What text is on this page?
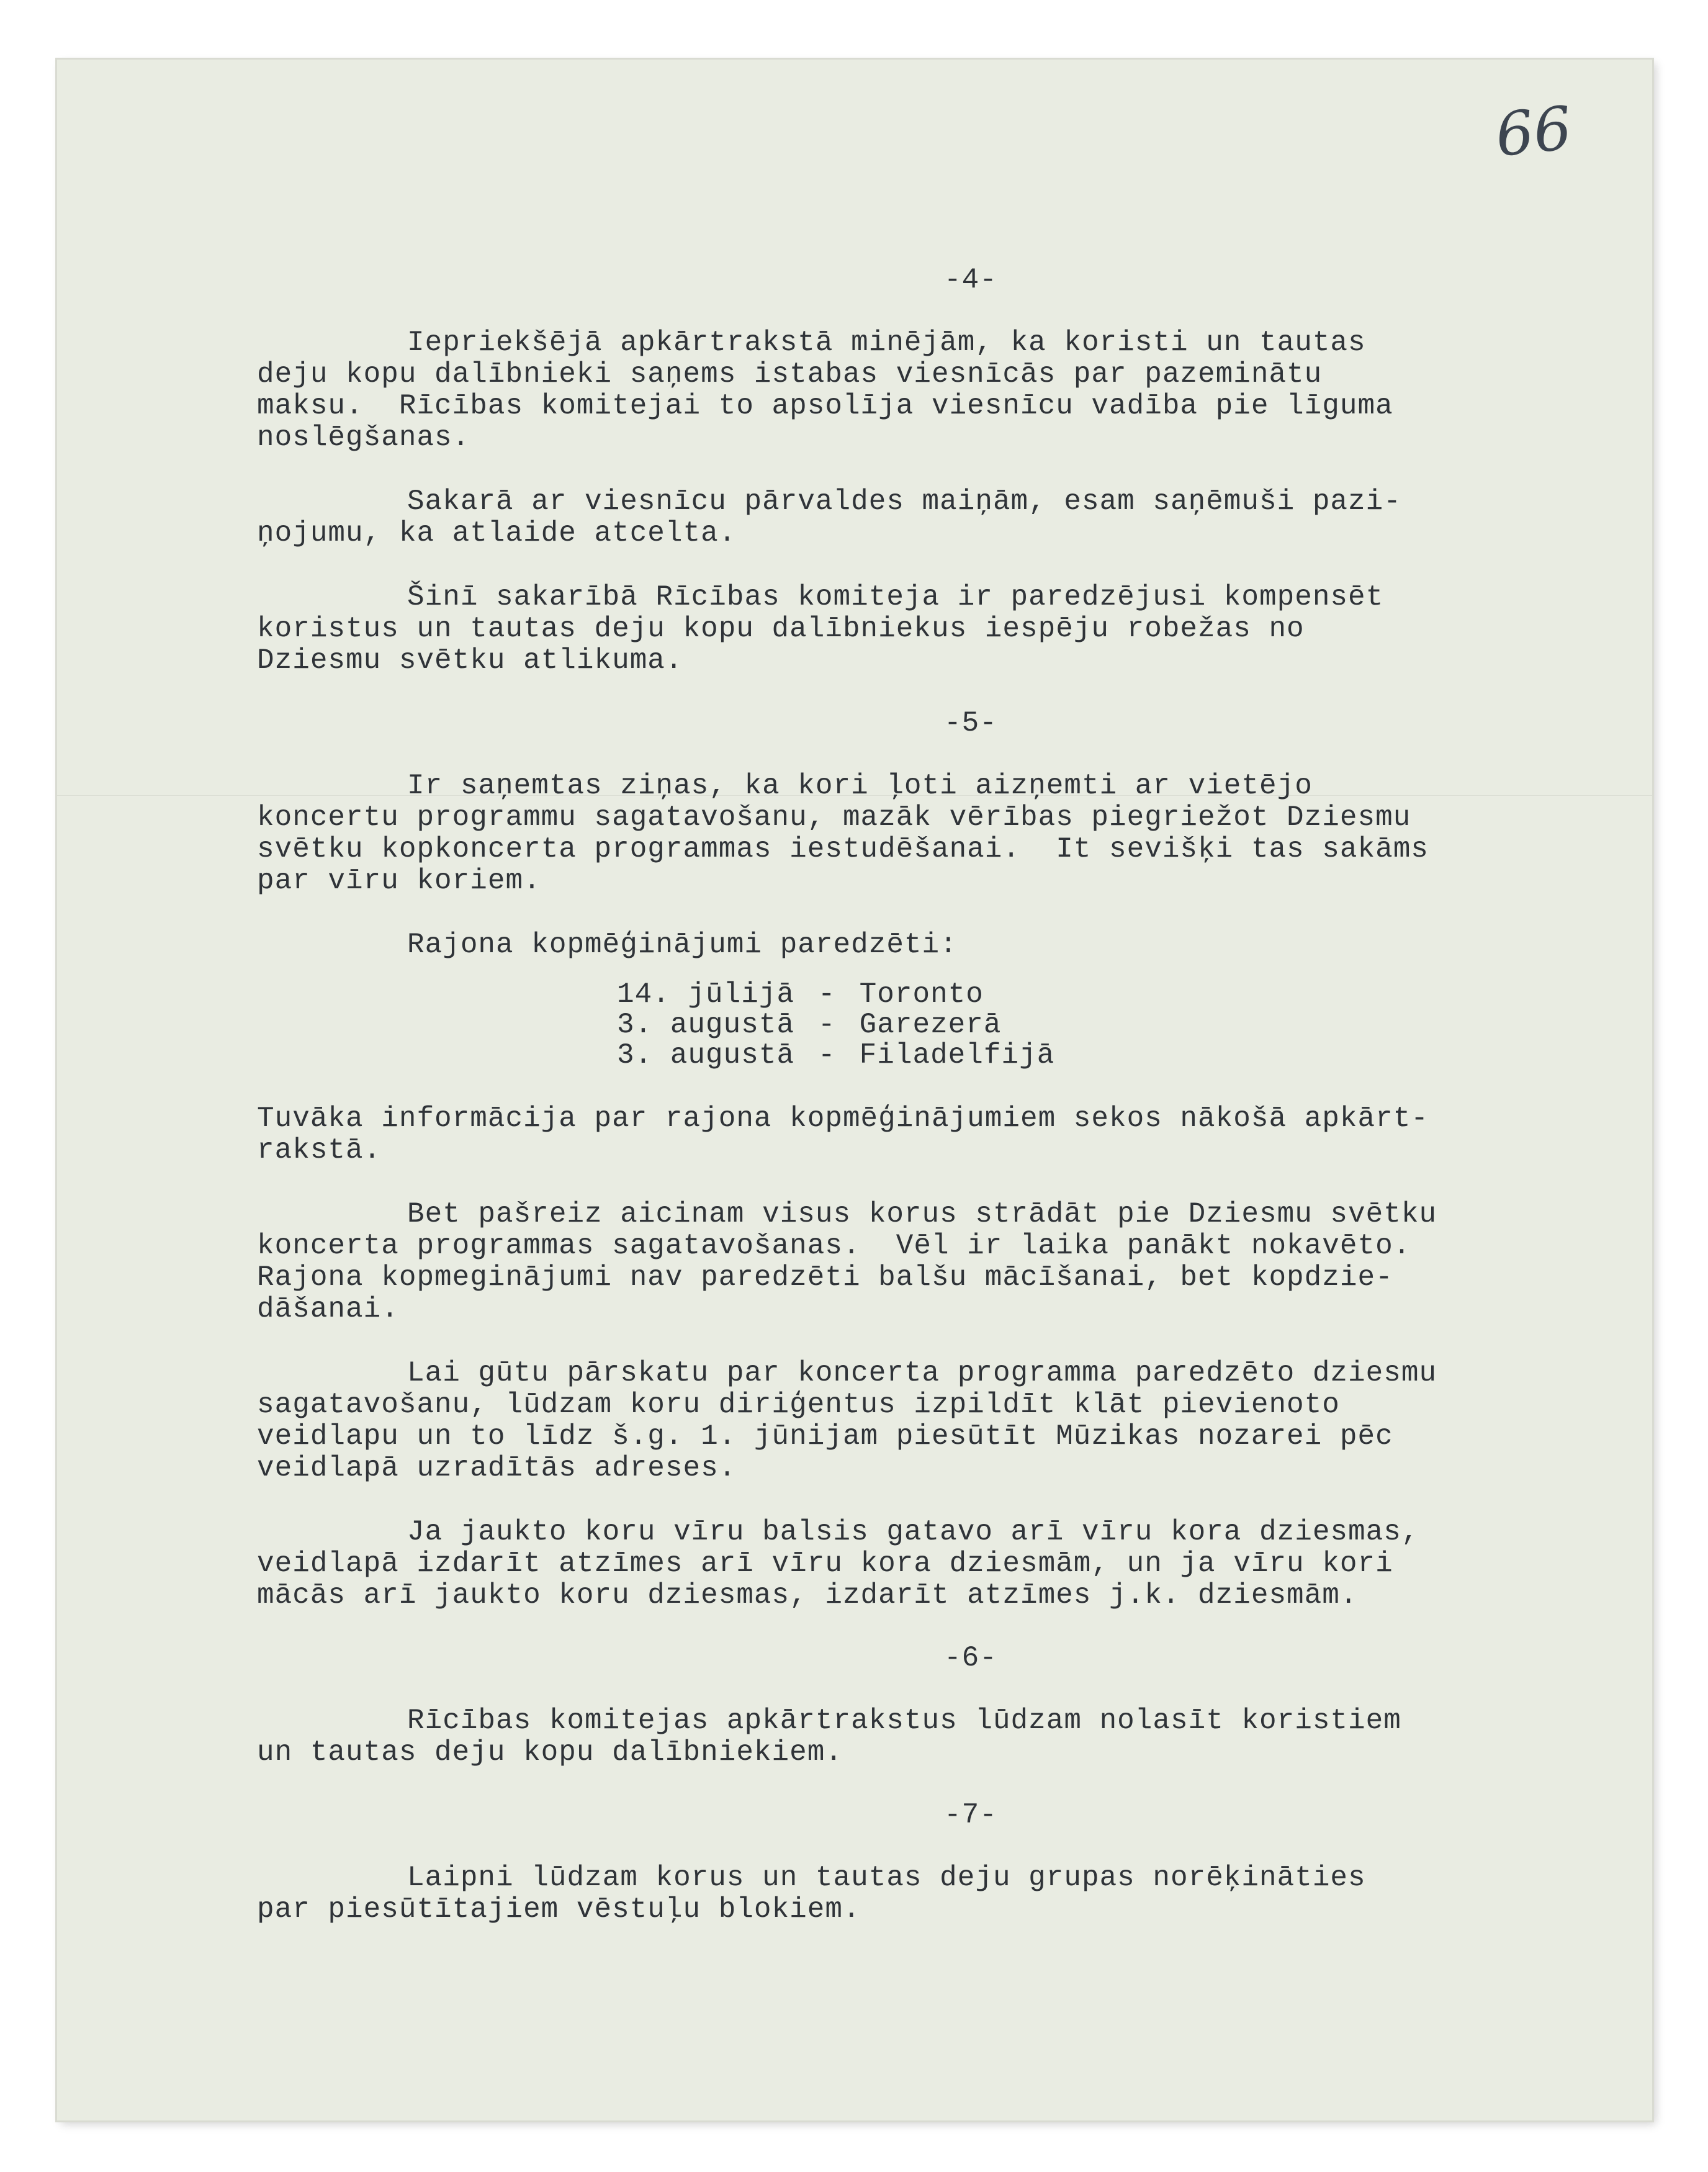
66

-4-

Iepriekšējā apkārtrakstā minējām, ka koristi un tautas
deju kopu dalībnieki saņems istabas viesnīcās par pazeminātu
maksu.  Rīcības komitejai to apsolīja viesnīcu vadība pie līguma
noslēgšanas.

Sakarā ar viesnīcu pārvaldes maiņām, esam saņēmuši pazi-
ņojumu, ka atlaide atcelta.

Šinī sakarībā Rīcības komiteja ir paredzējusi kompensēt
koristus un tautas deju kopu dalībniekus iespēju robežas no
Dziesmu svētku atlikuma.

-5-

Ir saņemtas ziņas, ka kori ļoti aizņemti ar vietējo
koncertu programmu sagatavošanu, mazāk vērības piegriežot Dziesmu
svētku kopkoncerta programmas iestudēšanai.  It sevišķi tas sakāms
par vīru koriem.

Rajona kopmēģinājumi paredzēti:

14. jūlijā	-	Toronto
3. augustā	-	Garezerā
3. augustā	-	Filadelfijā

Tuvāka informācija par rajona kopmēģinājumiem sekos nākošā apkārt-
rakstā.

Bet pašreiz aicinam visus korus strādāt pie Dziesmu svētku
koncerta programmas sagatavošanas.  Vēl ir laika panākt nokavēto.
Rajona kopmeginājumi nav paredzēti balšu mācīšanai, bet kopdzie-
dāšanai.

Lai gūtu pārskatu par koncerta programma paredzēto dziesmu
sagatavošanu, lūdzam koru diriģentus izpildīt klāt pievienoto
veidlapu un to līdz š.g. 1. jūnijam piesūtīt Mūzikas nozarei pēc
veidlapā uzradītās adreses.

Ja jaukto koru vīru balsis gatavo arī vīru kora dziesmas,
veidlapā izdarīt atzīmes arī vīru kora dziesmām, un ja vīru kori
mācās arī jaukto koru dziesmas, izdarīt atzīmes j.k. dziesmām.

-6-

Rīcības komitejas apkārtrakstus lūdzam nolasīt koristiem
un tautas deju kopu dalībniekiem.

-7-

Laipni lūdzam korus un tautas deju grupas norēķināties
par piesūtītajiem vēstuļu blokiem.
